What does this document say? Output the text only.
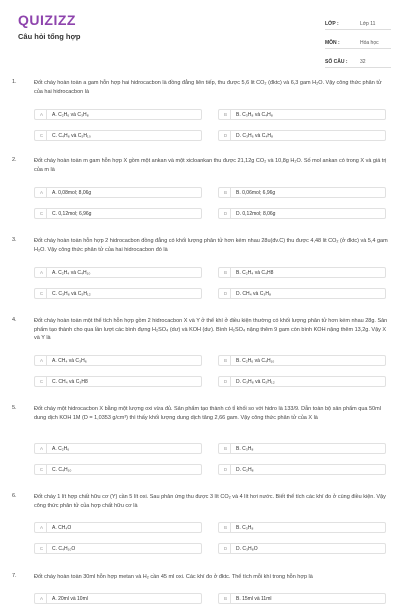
QUIZIZZ
Câu hỏi tổng hợp
LỚP :	Lớp 11
MÔN :	Hóa học
SỐ CÂU :	32
1.	Đốt cháy hoàn toàn a gam hỗn hợp hai hidrocacbon là đồng đẳng liên tiếp, thu được 5,6 lit CO₂ (đktc) và 6,3 gam H₂O. Vậy công thức phân tử của hai hidrocacbon là
A	A. C₂H₆ và C₃H₈	B	B. C₃H₈ và C₄H₈
C	C. C₄H₈ và C₅H₁₀	D	D. C₃H₆ và C₄H₈
2.	Đốt cháy hoàn toàn m gam hỗn hợp X gồm một ankan và một xicloankan thu được 21,12g CO₂ và 10,8g H₂O. Số mol ankan có trong X và giá trị của m là
A	A. 0,08mol; 8,06g	B	B. 0,06mol; 6,96g
C	C. 0,12mol; 6,96g	D	D. 0,12mol; 8,06g
3.	Đốt cháy hoàn toàn hỗn hợp 2 hidrocacbon đồng đẳng có khối lượng phân tử hơn kém nhau 28u(đv.C) thu được 4,48 lit CO₂ (ở đktc) và 5,4 gam H₂O. Vậy công thức phân tử của hai hidrocacbon đó là
A	A. C₂H₄ và C₄H₁₀	B	B. C₂H₄ và C₄H8
C	C. C₃H₈ và C₅H₁₂	D	D. CH₄ và C₃H₈
4.	Đốt cháy hoàn toàn một thể tích hỗn hợp gồm 2 hidrocacbon X và Y ở thể khí ở điều kiện thường có khối lượng phân tử hơn kém nhau 28g. Sản phẩm tạo thành cho qua lần lượt các bình đựng H₂SO₄ (dư) và KOH (dư). Bình H₂SO₄ nặng thêm 9 gam còn bình KOH nặng thêm 13,2g. Vậy X và Y là
A	A. CH₄ và C₃H₆	B	B. C₂H₆ và C₄H₁₀
C	C. CH₄ và C₃H8	D	D. C₃H₈ và C₅H₁₂
5.	Đốt cháy một hidrocacbon X bằng một lượng oxi vừa đủ. Sản phẩm tạo thành có tỉ khối so với hidro là 133/9. Dẫn toàn bộ sản phẩm qua 50ml dung dịch KOH 1M (D = 1,0353 g/cm³) thì thấy khối lượng dung dịch tăng 2,66 gam. Vậy công thức phân tử của X là
A	A. C₂H₆	B	B. C₃H₈
C	C. C₄H₁₀	D	D. C₂H₈
6.	Đốt cháy 1 lít hợp chất hữu cơ (Y) cần 5 lít oxi. Sau phản ứng thu được 3 lít CO₂ và 4 lít hơi nước. Biết thể tích các khí đo ở cùng điều kiện. Vậy công thức phân tử của hợp chất hữu cơ là
A	A. CH₄O	B	B. C₃H₈
C	C. C₄H₁₀O	D	D. C₃H₈O
7.	Đốt cháy hoàn toàn 30ml hỗn hợp metan và H₂ cần 45 ml oxi. Các khí đo ở đktc. Thể tích mỗi khí trong hỗn hợp là
A	A. 20ml và 10ml	B	B. 15ml và 11ml
